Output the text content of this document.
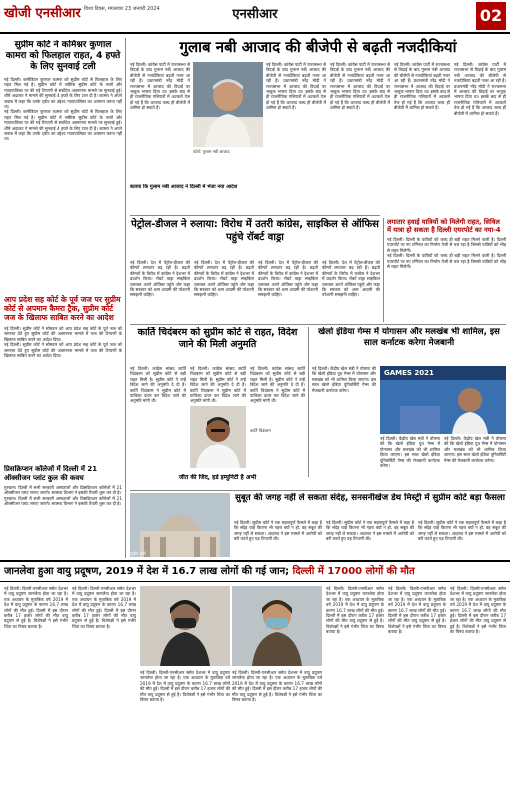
खोजी एनसीआर विश्व दिवस, मंगलवार 23 जनवरी 2024	एनसीआर	02
सुप्रीम कोर्ट ने कमिश्नर कुणाल कामरा को फिलहाल राहत, 4 हफ्ते के लिए सुनवाई टली
नई दिल्ली। कमीडियन कुणाल कामरा को सुप्रीम कोर्ट से फिलहाल के लिए राहत मिल गई है। सुप्रीम कोर्ट में जस्टिस सुप्रीम कोर्ट के जजों और न्यायपालिका पर की गई टिप्पणी से संबंधित अवमानना मामले पर सुनवाई हुई। शीर्ष अदालत ने मामले की सुनवाई 4 हफ्ते के लिए टाल दी है। कामरा ने अपने जवाब में कहा कि उनके ट्वीट का उद्देश्य न्यायपालिका का अपमान करना नहीं था।
नई दिल्ली। कमीडियन कुणाल कामरा को सुप्रीम कोर्ट से फिलहाल के लिए राहत मिल गई है। सुप्रीम कोर्ट में जस्टिस सुप्रीम कोर्ट के जजों और न्यायपालिका पर की गई टिप्पणी से संबंधित अवमानना मामले पर सुनवाई हुई। शीर्ष अदालत ने मामले की सुनवाई 4 हफ्ते के लिए टाल दी है। कामरा ने अपने जवाब में कहा कि उनके ट्वीट का उद्देश्य न्यायपालिका का अपमान करना नहीं था।
आप प्रदेश सह कोर्ट के पूर्व जज पर सुप्रीम कोर्ट से अपमान कैमरा ट्रैक, सुप्रीम कोर्ट जज के खिलाफ साबित करने का आदेश
नई दिल्ली। सुप्रीम कोर्ट ने सोमवार को आप प्रदेश सह कोर्ट के पूर्व जज को जमानत देते हुए सुप्रीम कोर्ट की अवमानना मामले में जज की टिप्पणी के खिलाफ साबित करने का आदेश दिया।
नई दिल्ली। सुप्रीम कोर्ट ने सोमवार को आप प्रदेश सह कोर्ट के पूर्व जज को जमानत देते हुए सुप्रीम कोर्ट की अवमानना मामले में जज की टिप्पणी के खिलाफ साबित करने का आदेश दिया।
प्रिसक्रिप्शन कॉलेजों में दिल्ली में 21 ऑक्सीजन प्लांट कुल की कवच
गुरुग्राम। दिल्ली में सभी सरकारी अस्पतालों और प्रिसक्रिप्शन कॉलेजों में 21 ऑक्सीजन प्लांट लगाए जाएंगे। स्वास्थ्य विभाग ने इसकी तैयारी शुरू कर दी है।
गुरुग्राम। दिल्ली में सभी सरकारी अस्पतालों और प्रिसक्रिप्शन कॉलेजों में 21 ऑक्सीजन प्लांट लगाए जाएंगे। स्वास्थ्य विभाग ने इसकी तैयारी शुरू कर दी है।
गुलाब नबी आजाद की बीजेपी से बढ़ती नजदीकियां
नई दिल्ली। कांग्रेस पार्टी में राज्यसभा से विदाई के बाद गुलाम नबी आजाद की बीजेपी से नजदीकियां बढ़ती नजर आ रही हैं। प्रधानमंत्री नरेंद्र मोदी ने राज्यसभा में आजाद की विदाई पर भावुक भाषण दिया था। इसके बाद से ही राजनीतिक गलियारों में अटकलें तेज हो गई हैं कि आजाद जल्द ही बीजेपी में शामिल हो सकते हैं।
फोटो: गुलाम नबी आजाद
नई दिल्ली। कांग्रेस पार्टी में राज्यसभा से विदाई के बाद गुलाम नबी आजाद की बीजेपी से नजदीकियां बढ़ती नजर आ रही हैं। प्रधानमंत्री नरेंद्र मोदी ने राज्यसभा में आजाद की विदाई पर भावुक भाषण दिया था। इसके बाद से ही राजनीतिक गलियारों में अटकलें तेज हो गई हैं कि आजाद जल्द ही बीजेपी में शामिल हो सकते हैं।
नई दिल्ली। कांग्रेस पार्टी में राज्यसभा से विदाई के बाद गुलाम नबी आजाद की बीजेपी से नजदीकियां बढ़ती नजर आ रही हैं। प्रधानमंत्री नरेंद्र मोदी ने राज्यसभा में आजाद की विदाई पर भावुक भाषण दिया था। इसके बाद से ही राजनीतिक गलियारों में अटकलें तेज हो गई हैं कि आजाद जल्द ही बीजेपी में शामिल हो सकते हैं।
नई दिल्ली। कांग्रेस पार्टी में राज्यसभा से विदाई के बाद गुलाम नबी आजाद की बीजेपी से नजदीकियां बढ़ती नजर आ रही हैं। प्रधानमंत्री नरेंद्र मोदी ने राज्यसभा में आजाद की विदाई पर भावुक भाषण दिया था। इसके बाद से ही राजनीतिक गलियारों में अटकलें तेज हो गई हैं कि आजाद जल्द ही बीजेपी में शामिल हो सकते हैं।
नई दिल्ली। कांग्रेस पार्टी में राज्यसभा से विदाई के बाद गुलाम नबी आजाद की बीजेपी से नजदीकियां बढ़ती नजर आ रही हैं। प्रधानमंत्री नरेंद्र मोदी ने राज्यसभा में आजाद की विदाई पर भावुक भाषण दिया था। इसके बाद से ही राजनीतिक गलियारों में अटकलें तेज हो गई हैं कि आजाद जल्द ही बीजेपी में शामिल हो सकते हैं।
बताया कि गुलाम नबी आजाद ने दिल्ली में भेजा नया आदेश
पेट्रोल-डीजल ने रुलाया: विरोध में उतरी कांग्रेस, साइकिल से ऑफिस पहुंचे रॉबर्ट वाड्रा
नई दिल्ली। देश में पेट्रोल-डीजल की कीमतें लगातार बढ़ रही हैं। बढ़ती कीमतों के विरोध में कांग्रेस ने देशभर में प्रदर्शन किया। रॉबर्ट वाड्रा साइकिल चलाकर अपने ऑफिस पहुंचे और कहा कि सरकार को आम आदमी की परेशानी समझनी चाहिए।
नई दिल्ली। देश में पेट्रोल-डीजल की कीमतें लगातार बढ़ रही हैं। बढ़ती कीमतों के विरोध में कांग्रेस ने देशभर में प्रदर्शन किया। रॉबर्ट वाड्रा साइकिल चलाकर अपने ऑफिस पहुंचे और कहा कि सरकार को आम आदमी की परेशानी समझनी चाहिए।
नई दिल्ली। देश में पेट्रोल-डीजल की कीमतें लगातार बढ़ रही हैं। बढ़ती कीमतों के विरोध में कांग्रेस ने देशभर में प्रदर्शन किया। रॉबर्ट वाड्रा साइकिल चलाकर अपने ऑफिस पहुंचे और कहा कि सरकार को आम आदमी की परेशानी समझनी चाहिए।
नई दिल्ली। देश में पेट्रोल-डीजल की कीमतें लगातार बढ़ रही हैं। बढ़ती कीमतों के विरोध में कांग्रेस ने देशभर में प्रदर्शन किया। रॉबर्ट वाड्रा साइकिल चलाकर अपने ऑफिस पहुंचे और कहा कि सरकार को आम आदमी की परेशानी समझनी चाहिए।
लगातार हवाई यात्रियों को मिलेगी राहत, सिविल में यात्रा हो सकता है दिल्ली एयरपोर्ट का नया-4
नई दिल्ली। दिल्ली के यात्रियों को जल्द ही बड़ी राहत मिलने वाली है। दिल्ली एयरपोर्ट पर नए टर्मिनल का निर्माण तेजी से चल रहा है जिससे यात्रियों को भीड़ से राहत मिलेगी।
नई दिल्ली। दिल्ली के यात्रियों को जल्द ही बड़ी राहत मिलने वाली है। दिल्ली एयरपोर्ट पर नए टर्मिनल का निर्माण तेजी से चल रहा है जिससे यात्रियों को भीड़ से राहत मिलेगी।
कार्ति चिदंबरम को सुप्रीम कोर्ट से राहत, विदेश जाने की मिली अनुमति
नई दिल्ली। कांग्रेस सांसद कार्ति चिदंबरम को सुप्रीम कोर्ट से बड़ी राहत मिली है। सुप्रीम कोर्ट ने उन्हें विदेश जाने की अनुमति दे दी है। कार्ति चिदंबरम ने सुप्रीम कोर्ट में याचिका दायर कर विदेश जाने की अनुमति मांगी थी।
नई दिल्ली। कांग्रेस सांसद कार्ति चिदंबरम को सुप्रीम कोर्ट से बड़ी राहत मिली है। सुप्रीम कोर्ट ने उन्हें विदेश जाने की अनुमति दे दी है। कार्ति चिदंबरम ने सुप्रीम कोर्ट में याचिका दायर कर विदेश जाने की अनुमति मांगी थी।
नई दिल्ली। कांग्रेस सांसद कार्ति चिदंबरम को सुप्रीम कोर्ट से बड़ी राहत मिली है। सुप्रीम कोर्ट ने उन्हें विदेश जाने की अनुमति दे दी है। कार्ति चिदंबरम ने सुप्रीम कोर्ट में याचिका दायर कर विदेश जाने की अनुमति मांगी थी।
कार्ति चिदंबरम
जीत की जिद, हर्ड इम्युनिटी है अभी
खेलो इंडिया गेम्स में योगासन और मलखंब भी शामिल, इस साल कर्नाटक करेगा मेजबानी
नई दिल्ली। केंद्रीय खेल मंत्री ने घोषणा की कि खेलो इंडिया यूथ गेम्स में योगासन और मलखंब को भी शामिल किया जाएगा। इस साल खेलो इंडिया यूनिवर्सिटी गेम्स की मेजबानी कर्नाटक करेगा।
GAMES 2021
नई दिल्ली। केंद्रीय खेल मंत्री ने घोषणा की कि खेलो इंडिया यूथ गेम्स में योगासन और मलखंब को भी शामिल किया जाएगा। इस साल खेलो इंडिया यूनिवर्सिटी गेम्स की मेजबानी कर्नाटक करेगा।
नई दिल्ली। केंद्रीय खेल मंत्री ने घोषणा की कि खेलो इंडिया यूथ गेम्स में योगासन और मलखंब को भी शामिल किया जाएगा। इस साल खेलो इंडिया यूनिवर्सिटी गेम्स की मेजबानी कर्नाटक करेगा।
सुप्रीम कोर्ट
सुबूत की जगह नहीं ले सकता संदेह, सनसनीखेज डेथ मिस्ट्री में सुप्रीम कोर्ट बड़ा फैसला
नई दिल्ली। सुप्रीम कोर्ट ने एक महत्वपूर्ण फैसले में कहा है कि संदेह चाहे कितना भी गहरा क्यों न हो, वह सबूत की जगह नहीं ले सकता। अदालत ने इस मामले में आरोपी को बरी करते हुए यह टिप्पणी की।
नई दिल्ली। सुप्रीम कोर्ट ने एक महत्वपूर्ण फैसले में कहा है कि संदेह चाहे कितना भी गहरा क्यों न हो, वह सबूत की जगह नहीं ले सकता। अदालत ने इस मामले में आरोपी को बरी करते हुए यह टिप्पणी की।
नई दिल्ली। सुप्रीम कोर्ट ने एक महत्वपूर्ण फैसले में कहा है कि संदेह चाहे कितना भी गहरा क्यों न हो, वह सबूत की जगह नहीं ले सकता। अदालत ने इस मामले में आरोपी को बरी करते हुए यह टिप्पणी की।
जानलेवा हुआ वायु प्रदूषण, 2019 में देश में 16.7 लाख लोगों की गई जान; दिल्ली में 17000 लोगों की मौत
नई दिल्ली। दिल्ली-एनसीआर समेत देशभर में वायु प्रदूषण जानलेवा होता जा रहा है। एक अध्ययन के मुताबिक वर्ष 2019 में देश में वायु प्रदूषण के कारण 16.7 लाख लोगों की मौत हुई। दिल्ली में इस दौरान करीब 17 हजार लोगों की मौत वायु प्रदूषण से हुई है। विशेषज्ञों ने इसे गंभीर चिंता का विषय बताया है।
नई दिल्ली। दिल्ली-एनसीआर समेत देशभर में वायु प्रदूषण जानलेवा होता जा रहा है। एक अध्ययन के मुताबिक वर्ष 2019 में देश में वायु प्रदूषण के कारण 16.7 लाख लोगों की मौत हुई। दिल्ली में इस दौरान करीब 17 हजार लोगों की मौत वायु प्रदूषण से हुई है। विशेषज्ञों ने इसे गंभीर चिंता का विषय बताया है।
नई दिल्ली। दिल्ली-एनसीआर समेत देशभर में वायु प्रदूषण जानलेवा होता जा रहा है। एक अध्ययन के मुताबिक वर्ष 2019 में देश में वायु प्रदूषण के कारण 16.7 लाख लोगों की मौत हुई। दिल्ली में इस दौरान करीब 17 हजार लोगों की मौत वायु प्रदूषण से हुई है। विशेषज्ञों ने इसे गंभीर चिंता का विषय बताया है।
नई दिल्ली। दिल्ली-एनसीआर समेत देशभर में वायु प्रदूषण जानलेवा होता जा रहा है। एक अध्ययन के मुताबिक वर्ष 2019 में देश में वायु प्रदूषण के कारण 16.7 लाख लोगों की मौत हुई। दिल्ली में इस दौरान करीब 17 हजार लोगों की मौत वायु प्रदूषण से हुई है। विशेषज्ञों ने इसे गंभीर चिंता का विषय बताया है।
नई दिल्ली। दिल्ली-एनसीआर समेत देशभर में वायु प्रदूषण जानलेवा होता जा रहा है। एक अध्ययन के मुताबिक वर्ष 2019 में देश में वायु प्रदूषण के कारण 16.7 लाख लोगों की मौत हुई। दिल्ली में इस दौरान करीब 17 हजार लोगों की मौत वायु प्रदूषण से हुई है। विशेषज्ञों ने इसे गंभीर चिंता का विषय बताया है।
नई दिल्ली। दिल्ली-एनसीआर समेत देशभर में वायु प्रदूषण जानलेवा होता जा रहा है। एक अध्ययन के मुताबिक वर्ष 2019 में देश में वायु प्रदूषण के कारण 16.7 लाख लोगों की मौत हुई। दिल्ली में इस दौरान करीब 17 हजार लोगों की मौत वायु प्रदूषण से हुई है। विशेषज्ञों ने इसे गंभीर चिंता का विषय बताया है।
नई दिल्ली। दिल्ली-एनसीआर समेत देशभर में वायु प्रदूषण जानलेवा होता जा रहा है। एक अध्ययन के मुताबिक वर्ष 2019 में देश में वायु प्रदूषण के कारण 16.7 लाख लोगों की मौत हुई। दिल्ली में इस दौरान करीब 17 हजार लोगों की मौत वायु प्रदूषण से हुई है। विशेषज्ञों ने इसे गंभीर चिंता का विषय बताया है।
